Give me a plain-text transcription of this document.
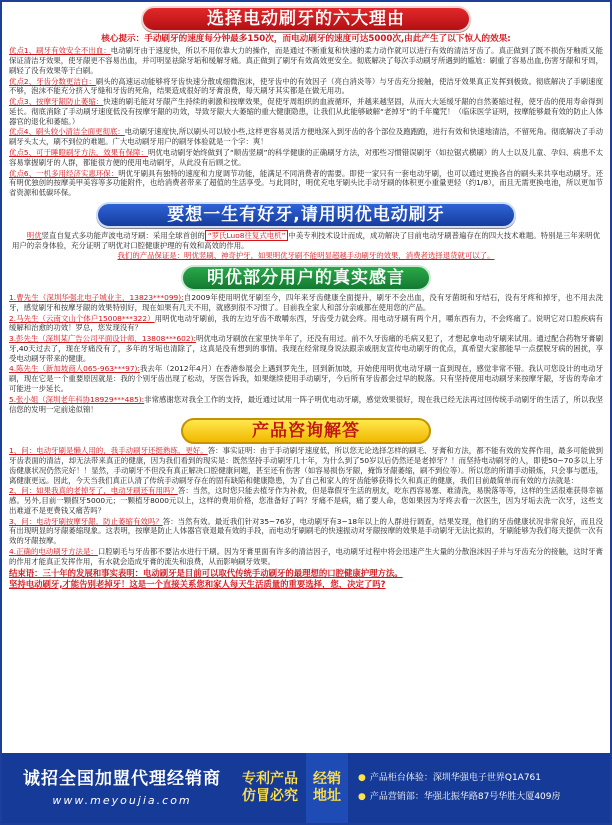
选择电动刷牙的六大理由
核心提示：手动刷牙的速度每分钟最多150次，而电动刷牙的速度可达5000次,由此产生了以下惊人的效果:
优点1、刷牙有效安全不出血：电动刷牙由于速度快，所以不用依靠大力的操作，而是通过不断重复和快速的柔力动作就可以进行有效的清洁牙齿了。真正做到了既不损伤牙釉质又能保证清洁牙效果，使牙龈更不容易出血，并可明显祛除牙垢和缓解牙痛。真正做到了刷牙有效高效更安全。彻底解决了每次手动刷牙所遇到的尴尬：刷重了容易出血,伤害牙龈和牙周，刷轻了没有效果等于白刷。
优点2、牙齿分数更洁白：刷头的高速运动能够将牙齿快速分散成细微泡沫，使牙齿中的有效因子（亮白消炎等）与牙齿充分接触，使洁牙效果真正发挥到极致。彻底解决了手刷速度不够，泡沫不能充分挤入牙缝和牙齿的死角，结果造成很好的牙膏浪费，每天刷牙其实都是在做无用功。
优点3、按摩牙龈防止萎缩：快速的刷毛能对牙龈产生持续的刺激和按摩效果，促使牙周组织的血液循环，并越来越坚固，从而大大延缓牙龈的自然萎缩过程，使牙齿的使用寿命得到延长。彻底消除了手动刷牙速度低没有按摩牙龈的功效，导致牙龈大大萎缩的重大健康隐患，让我们从此能够破解“老掉牙”的千年魔咒！（临床医学证明，按摩能够最有效的防止人体器官的退化和萎缩。）
优点4、刷头较小清洁全面更彻底：电动刷牙速度快,所以刷头可以较小些,这样更容易灵活方便地深入到牙齿的各个部位及跑跑跑，进行有效和快速地清洁，不留死角。彻底解决了手动刷牙头太大，刷不到位的难题。广大电动刷牙用户的刷牙体验就是一个字：爽！
优点5、可于睡瞪刷牙方法，效果有保障：明优电动刷牙始终做到了“顺齿竖刷”的科学健康的正确刷牙方法，对那些习惯错误刷牙（如拉锯式横刷）的人士以及儿童、孕妇、病患不太容易掌握刷牙的人群，都能很方便的使用电动刷牙，从此没有后顾之忧。
优点6、一机多用经济实惠环保：明优牙刷具有独特的速度和力度调节功能，能满足不同消费者的需要。即使一家只有一套电动牙刷，也可以通过更换各自的刷头来共享电动刷牙。还有明优独创的按摩美甲美容等多功能附件，也给消费者带来了超值的生活享受。与此同时，明优充电牙刷头比手动牙刷的体积更小重量更轻（约1/8），而且无需更换电池，所以更加节省资源和低碳环保。
要想一生有好牙,请用明优电动刷牙
明优竖直自复式多功能声波电动牙刷：采用全球首创的 “罗氏Luo8往复式电机” 中美专利技术设计而成，成功解决了目前电动牙刷普遍存在的四大技术难题。特别是三年来明优用户的亲身体验，充分证明了明优对口腔健康护理的有效和高效的作用。
我们的产品保证是：明优竖刷、神奇护牙，如果明优牙刷不能明显超越手动刷牙的效果，消费者选择退货就可以了。
明优部分用户的真实感言
1.曹先生（深圳华强北电子城业主，13823***099):自2009年使用明优牙刷至今，四年来牙齿健康全面提升，刷牙不会出血，没有牙菌斑和牙结石，没有牙疼和掉牙，也不用去洗牙，感觉刷牙和按摩牙龈的效果特别好，现在如果有几天不用，就感到很不习惯了。目前我全家人和部分亲戚都在使用您的产品。
2.马先生（云南文山个体户15008***322）用明优电动牙刷前，我的左边牙齿不敢嚼东西，牙齿受力就会疼。用电动牙刷有两个月，嚼东西有力，不会疼痛了。说明它对口腔疾病有缓解和治愈的功效！罗总，您发现没有？
3.彭先生（深圳某广告公司平面设计师，13808***602):明优电动牙刷放在家里快半年了，还没有用过。前不久牙齿痛的毛病又犯了，才想起拿电动牙刷来试用。通过配合药物牙膏刷牙,40天过去了，现在牙痛没有了，多年的牙垢也清除了，这真是没有想到的事情。我现在经常现身说法跟亲戚朋友宣传电动刷牙的优点，真希望大家都能早一点摆脱牙病的困扰，享受电动刷牙带来的健康。
4.陈先生（新加坡商人065-963***97):我去年（2012年4月）在香港参展会上遇到罗先生，回到新加坡，开始使用明优电动牙刷一直到现在，感觉非常不错。我认可您设计的电动牙刷，现在它是一个重要原因就是：我的个别牙齿出现了松动，牙医告诉我，如果继续使用手动刷牙，今后所有牙齿都会过早的脱落。只有坚持使用电动刷牙来按摩牙龈，牙齿的寿命才可能进一步延长。
5.张小姐（深圳老年科协18929***485):非常感谢您对我全工作的支持，最近通过试用一阵子明优电动牙刷，感觉效果很好，现在我已经无法再过回传统手动刷牙的生活了，所以我坚信您的发明一定前途似锦！
产品咨询解答
1、问：电动牙刷是懒人用的，我手动刷牙还挺熟练，更好。答：事实证明：由于手动刷牙速度低，所以您无论选择怎样的刷毛、牙膏和方法，都不能有效的发挥作用，最多可能做到牙齿表面的清洁，却无法带来真正的健康，因为我们看到的现实是：既然坚持手动刷牙几十年，为什么到了50岁以后仍然还是老掉牙？！而坚持电动刷牙的人，即使50~70多以上牙齿健康状况仍然完好！！显然，手动刷牙不但没有真正解决口腔健康问题，甚至还有伤害（如容易损伤牙龈，掩饰牙龈萎缩，刷不到位等）。所以您的所谓手动锻炼，只会事与愿违，离健康更远。因此，今天当我们真正认清了传统手动刷牙存在的固有缺陷和健康隐患，为了自己和家人的牙齿能够获得长久和真正的健康，我们目前最简单而有效的方法就是：
2、问：如果我真的老掉牙了，电动牙刷还有用吗？答：当然，这时您只能去植牙作为补救，但是靠假牙生活的朋友，吃东西容易塞、难清洗，易脱落等等，这样的生活很难获得幸福感。另外,目前一颗假牙5000元；一颗植牙8000元以上，这样的费用价格，您准备好了吗？牙痛不是病，痛了要人命，您如果因为牙疼去看一次医生，因为牙垢去洗一次牙，这些支出难道不是更费钱又痛苦吗？
3、问：电动牙刷按摩牙龈，防止萎缩有效吗？答：当然有效。最近我们针对35~76岁，电动刷牙有3~18年以上的人群进行调查，结果发现，他们的牙齿健康状况非常良好，而且没有出现明显的牙龈萎缩现象。这表明，按摩是防止人体器官衰退最有效的手段，而电动牙刷刷毛的快速振动对牙龈按摩的效果是手动刷牙无法比拟的，牙刷能够为我们每天提供一次有效的牙龈按摩。
4.正确的电动刷牙方法是：口腔刷毛与牙齿都不要沾水进行干刷。因为牙膏里面有许多的清洁因子，电动刷牙过程中将会迅速产生大量的分散泡沫因子并与牙齿充分的接触，这时牙膏的作用才能真正发挥作用，有水就会造成牙膏的流失和浪费，从而影响刷牙效果。
结束语：三十年的发展和事实表明：电动刷牙是目前可以取代传统手动刷牙的最理想的口腔健康护理方法。
坚持电动刷牙,才能告别老掉牙！这是一个直接关系您和家人每天生活质量的重要选择，您，决定了吗?
诚招全国加盟代理经销商
www.meyoujia.com
专利产品
仿冒必究
经销
地址
● 产品柜台体验：深圳华强电子世界Q1A761
● 产品营销部：华强北振华路87号华胜大厦409房
